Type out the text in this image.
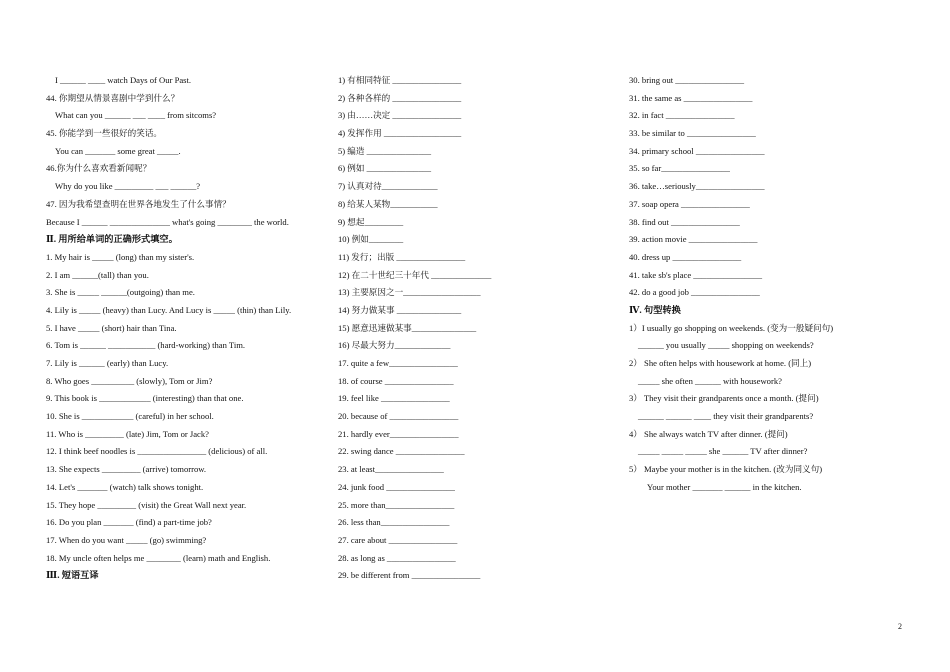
I ______ ____ watch Days of Our Past.
44. 你期望从情景喜剧中学到什么？
What can you ______ ___ ____ from sitcoms?
45. 你能学到一些很好的笑话。
You can _______ some great _____.
46.你为什么喜欢看新闻呢？
Why do you like _________ ___ ______?
47. 因为我希望查明在世界各地发生了什么事情？
Because I ______ ______________ what's going ________ the world.
Ⅱ. 用所给单词的正确形式填空。
1. My hair is _____ (long) than my sister's.
2. I am ______(tall) than you.
3. She is _____ ______(outgoing) than me.
4. Lily is _____ (heavy) than Lucy. And Lucy is _____ (thin) than Lily.
5. I have _____ (short) hair than Tina.
6. Tom is ______ ___________ (hard-working) than Tim.
7. Lily is ______ (early) than Lucy.
8. Who goes __________ (slowly), Tom or Jim?
9. This book is ____________ (interesting) than that one.
10. She is ____________ (careful) in her school.
11. Who is _________ (late) Jim, Tom or Jack?
12. I think beef noodles is ________________ (delicious) of all.
13. She expects _________ (arrive) tomorrow.
14. Let's _______ (watch) talk shows tonight.
15. They hope _________ (visit) the Great Wall next year.
16. Do you plan _______ (find) a part-time job?
17. When do you want _____ (go) swimming?
18. My uncle often helps me ________ (learn) math and English.
Ⅲ. 短语互译
1) 有相同特征 ________________
2) 各种各样的 ________________
3) 由……决定 ________________
4) 发挥作用 __________________
5) 编造 _______________
6) 例如 _______________
7) 认真对待_____________
8) 给某人某物___________
9) 想起_________
10) 例如________
11) 发行；出版 ________________
12) 在二十世纪三十年代 ______________
13) 主要原因之一__________________
14) 努力做某事 _______________
15) 愿意迅速做某事_______________
16) 尽最大努力_____________
17. quite a few________________
18. of course ________________
19. feel like ________________
20. because of ________________
21. hardly ever________________
22. swing dance ________________
23. at least________________
24. junk food ________________
25. more than________________
26. less than________________
27. care about ________________
28. as long as ________________
29. be different from ________________
30. bring out ________________
31. the same as ________________
32. in fact ________________
33. be similar to ________________
34. primary school ________________
35. so far________________
36. take…seriously________________
37. soap opera ________________
38. find out ________________
39. action movie ________________
40. dress up ________________
41. take sb's place ________________
42. do a good job ________________
Ⅳ. 句型转换
1）I usually go shopping on weekends. (变为一般疑问句)
______ you usually _____ shopping on weekends?
2） She often helps with housework at home. (同上)
_____ she often ______ with housework?
3） They visit their grandparents once a month. (提问)
______ ______ ____ they visit their grandparents?
4） She always watch TV after dinner. (提问)
_____ _____ _____ she ______ TV after dinner?
5） Maybe your mother is in the kitchen. (改为同义句)
Your mother _______ ______ in the kitchen.
2
